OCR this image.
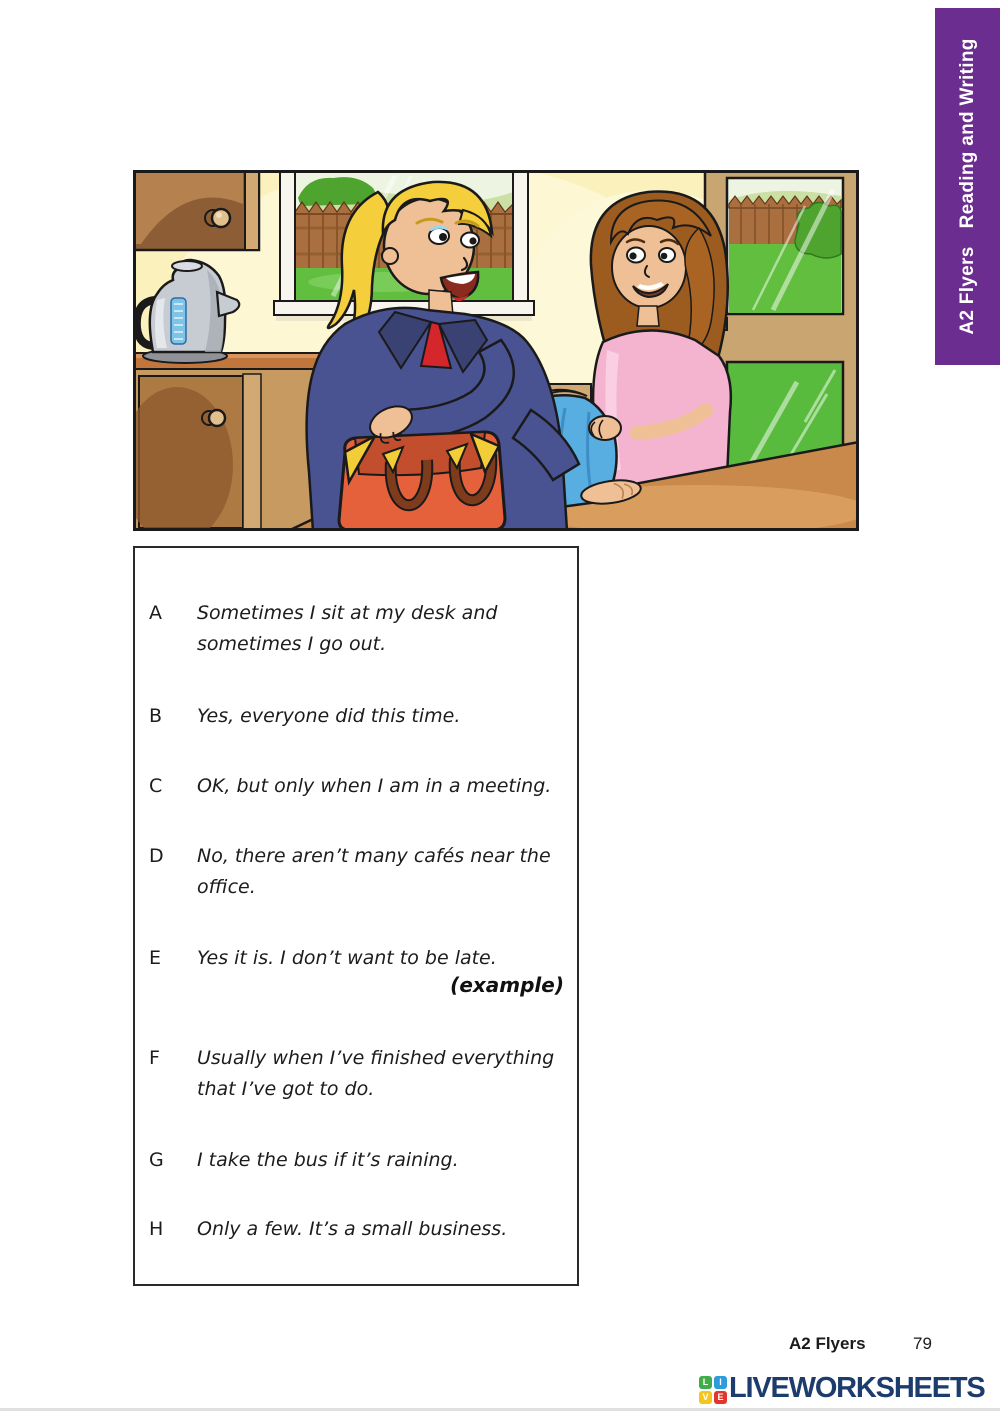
A2 Flyers
Reading and Writing
A	Sometimes I sit at my desk and
sometimes I go out.
B	Yes, everyone did this time.
C	OK, but only when I am in a meeting.
D	No, there aren’t many cafés near the
office.
E	Yes it is. I don’t want to be late.
(example)
F	Usually when I’ve finished everything
that I’ve got to do.
G	I take the bus if it’s raining.
H	Only a few. It’s a small business.
A2 Flyers	79
L	I
V E LIVEWORKSHEETS
